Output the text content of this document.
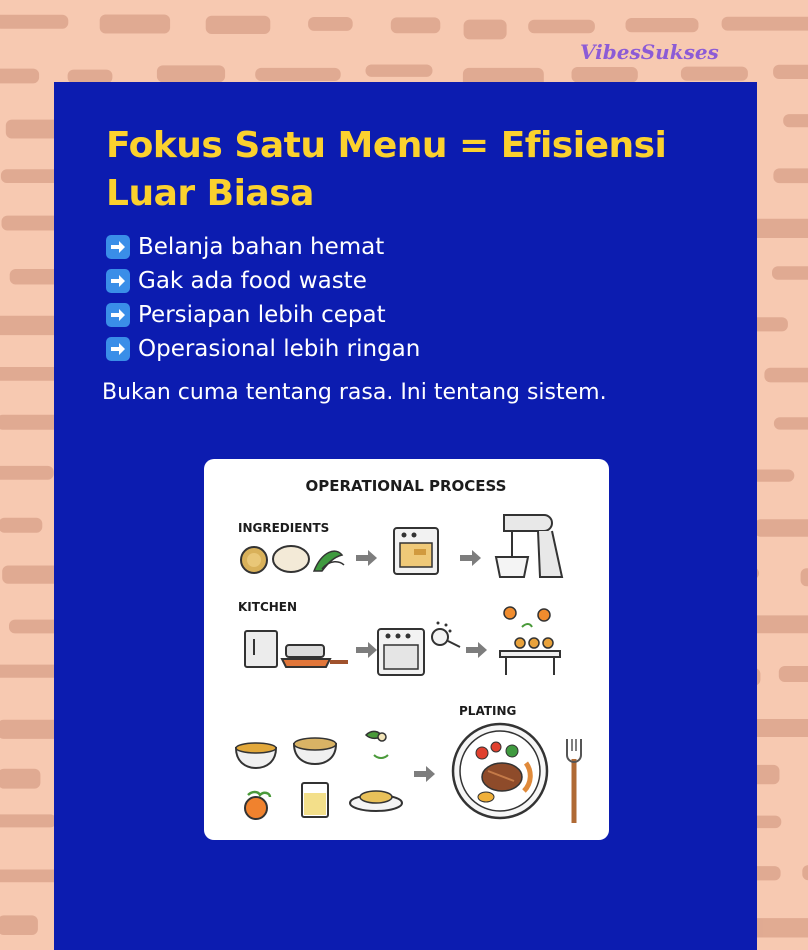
VibesSukses
Fokus Satu Menu = Efisiensi Luar Biasa
Belanja bahan hemat
Gak ada food waste
Persiapan lebih cepat
Operasional lebih ringan

Bukan cuma tentang rasa. Ini tentang sistem.

OPERATIONAL PROCESS
INGREDIENTS
KITCHEN
PLATING
